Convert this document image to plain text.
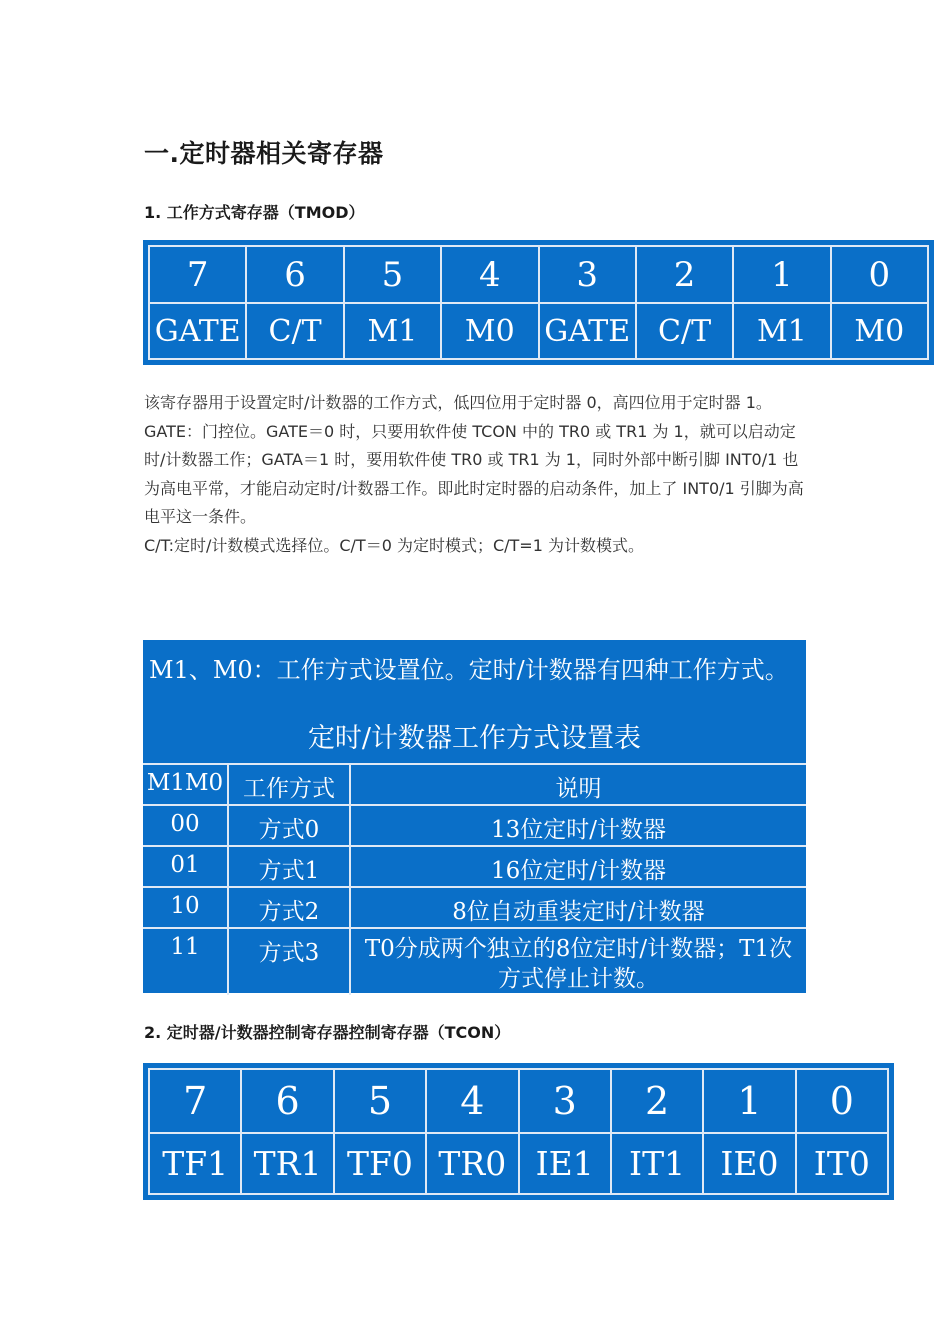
一.定时器相关寄存器
1. 工作方式寄存器（TMOD）
7	6	5	4	3	2	1	0
GATE	C/T	M1	M0	GATE	C/T	M1	M0

该寄存器用于设置定时/计数器的工作方式，低四位用于定时器 0，高四位用于定时器 1。

GATE：门控位。GATE＝0 时，只要用软件使 TCON 中的 TR0 或 TR1 为 1，就可以启动定时/计数器工作；GATA＝1 时，要用软件使 TR0 或 TR1 为 1，同时外部中断引脚 INT0/1 也为高电平常，才能启动定时/计数器工作。即此时定时器的启动条件，加上了 INT0/1 引脚为高电平这一条件。

C/T:定时/计数模式选择位。C/T＝0 为定时模式；C/T=1 为计数模式。

M1、M0：工作方式设置位。定时/计数器有四种工作方式。
定时/计数器工作方式设置表
M1M0	工作方式	说明
00	方式0	13位定时/计数器
01	方式1	16位定时/计数器
10	方式2	8位自动重装定时/计数器
11	方式3	T0分成两个独立的8位定时/计数器；T1次方式停止计数。
2. 定时器/计数器控制寄存器控制寄存器（TCON）
7	6	5	4	3	2	1	0
TF1	TR1	TF0	TR0	IE1	IT1	IE0	IT0
